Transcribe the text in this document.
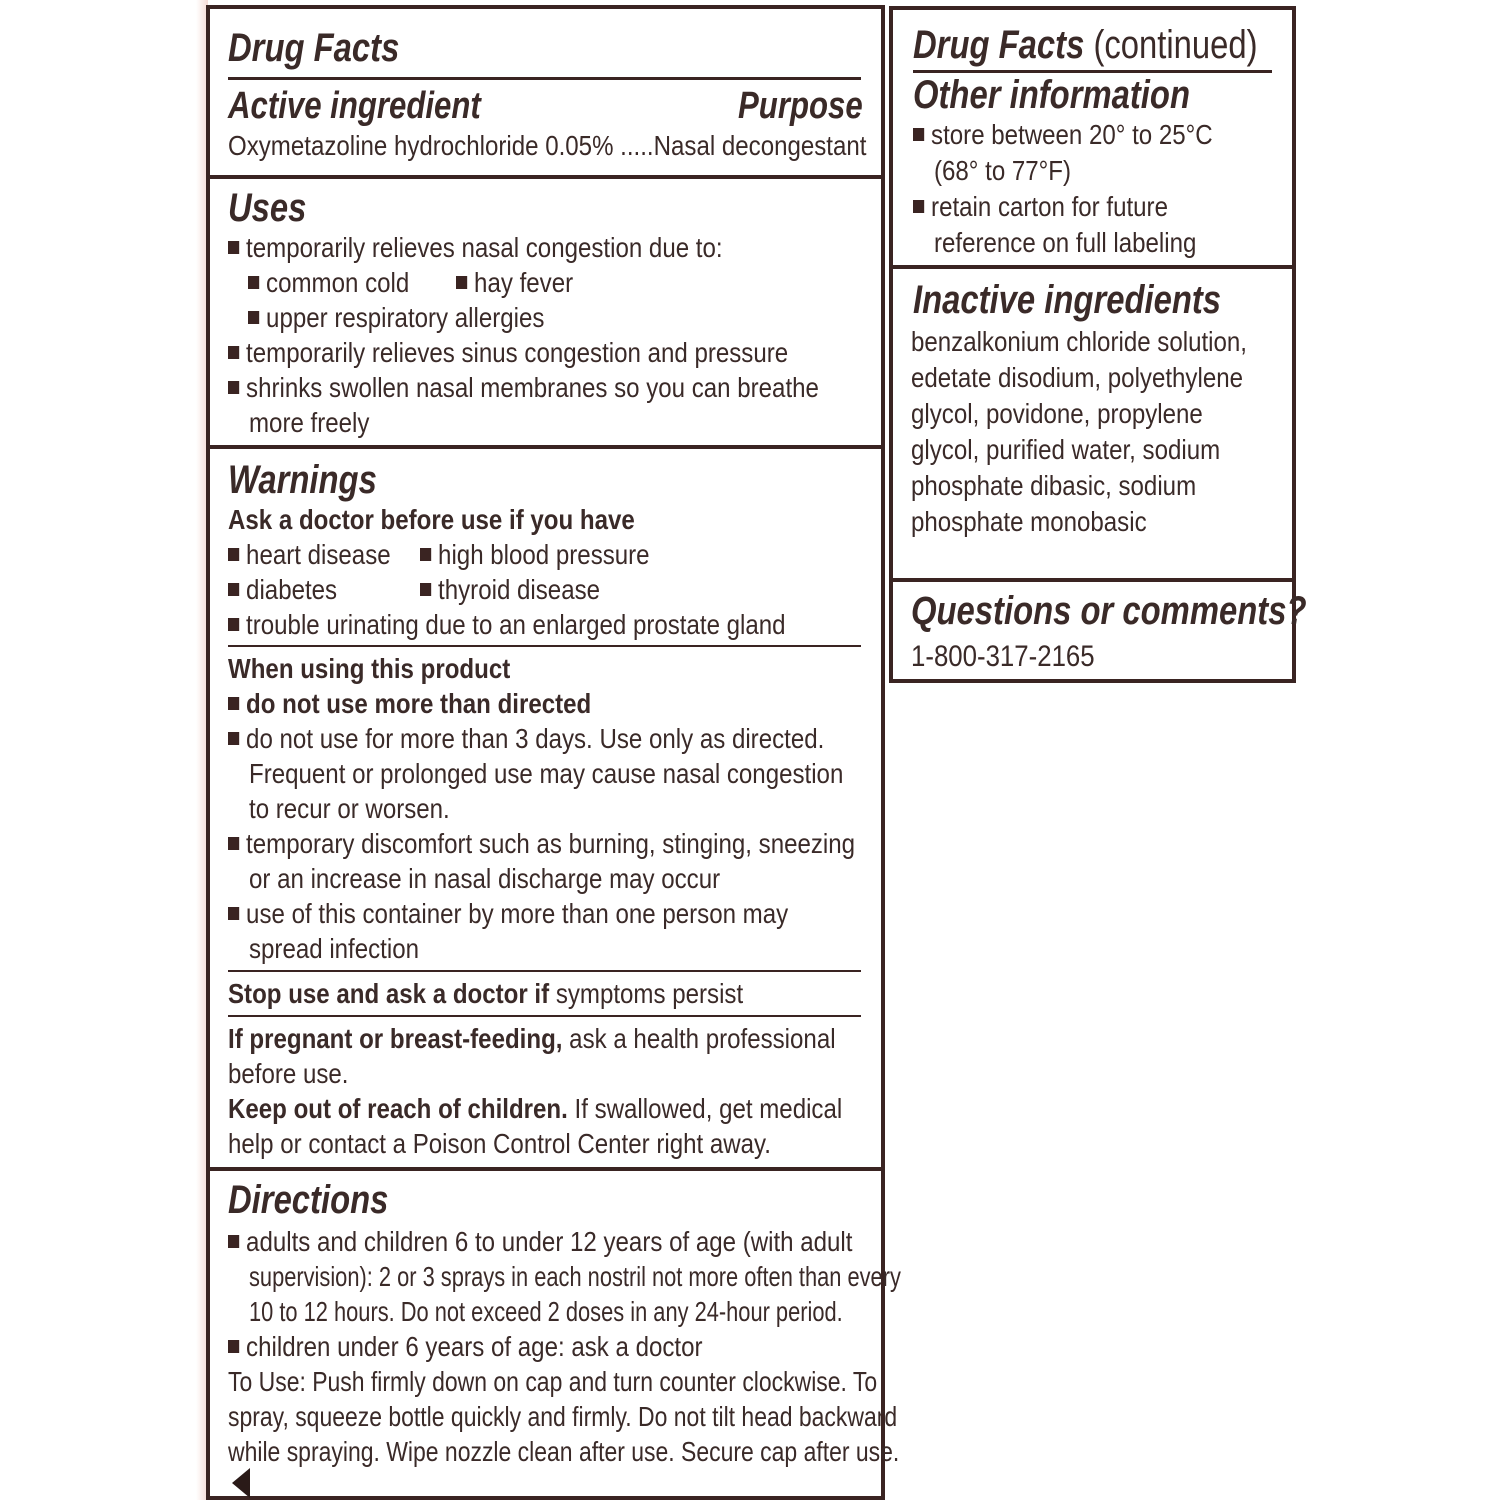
Drug Facts
Active ingredient	Purpose
Oxymetazoline hydrochloride 0.05% .....Nasal decongestant
Uses
temporarily relieves nasal congestion due to:
common cold	hay fever
upper respiratory allergies
temporarily relieves sinus congestion and pressure
shrinks swollen nasal membranes so you can breathe
more freely
Warnings
Ask a doctor before use if you have
heart disease	high blood pressure
diabetes	thyroid disease
trouble urinating due to an enlarged prostate gland
When using this product
do not use more than directed
do not use for more than 3 days. Use only as directed.
Frequent or prolonged use may cause nasal congestion
to recur or worsen.
temporary discomfort such as burning, stinging, sneezing
or an increase in nasal discharge may occur
use of this container by more than one person may
spread infection
Stop use and ask a doctor if symptoms persist
If pregnant or breast-feeding, ask a health professional
before use.
Keep out of reach of children. If swallowed, get medical
help or contact a Poison Control Center right away.
Directions
adults and children 6 to under 12 years of age (with adult
supervision): 2 or 3 sprays in each nostril not more often than every
10 to 12 hours. Do not exceed 2 doses in any 24-hour period.
children under 6 years of age: ask a doctor
To Use: Push firmly down on cap and turn counter clockwise. To
spray, squeeze bottle quickly and firmly. Do not tilt head backward
while spraying. Wipe nozzle clean after use. Secure cap after use.
Drug Facts (continued)
Other information
store between 20° to 25°C
(68° to 77°F)
retain carton for future
reference on full labeling
Inactive ingredients
benzalkonium chloride solution,
edetate disodium, polyethylene
glycol, povidone, propylene
glycol, purified water, sodium
phosphate dibasic, sodium
phosphate monobasic
Questions or comments?
1-800-317-2165
